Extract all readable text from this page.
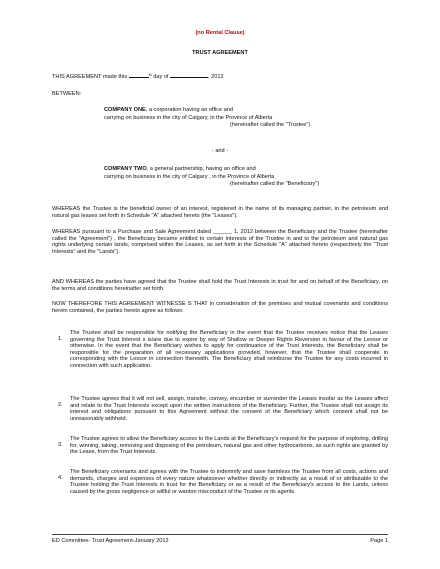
(no Rental Clause)

TRUST AGREEMENT

THIS AGREEMENT made this	$^{th}$ day of	, 2012

BETWEEN:

COMPANY ONE, a corporation having an office and

carrying on business in the city of Calgary, in the Province of Alberta

(hereinafter called the "Trustee")

- and -

COMPANY TWO, a general partnership, having an office and

carrying on business in the city of Calgary , in the Province of Alberta

(hereinafter called the "Beneficiary")

WHEREAS the Trustee is the beneficial owner of an interest, registered in the name of its managing partner, in the petroleum and natural gas leases set forth in Schedule "A" attached hereto (the "Leases").

WHEREAS pursuant to a Purchase and Sale Agreement dated ______ 1, 2012 between the Beneficiary and the Trustee (hereinafter called the "Agreement") , the Beneficiary became entitled to certain interests of the Trustee in and to the petroleum and natural gas rights underlying certain lands, comprised within the Leases, as set forth in the Schedule "A" attached hereto (respectively the "Trust Interests" and the "Lands").

AND WHEREAS the parties have agreed that the Trustee shall hold the Trust Interests in trust for and on behalf of the Beneficiary, on the terms and conditions hereinafter set forth.

NOW THEREFORE THIS AGREEMENT WITNESSE S THAT in consideration of the premises and mutual covenants and conditions herein contained, the parties hereto agree as follows:

1.

The Trustee shall be responsible for notifying the Beneficiary in the event that the Trustee receives notice that the Leases governing the Trust Interest s is/are due to expire by way of Shallow or Deeper Rights Reversion in favour of the Lessor or otherwise. In the event that the Beneficiary wishes to apply for continuance of the Trust Interests, the Beneficiary shall be responsible for the preparation of all necessary applications provided, however, that the Trustee shall cooperate in corresponding with the Lessor in connection therewith. The Beneficiary shall reimburse the Trustee for any costs incurred in connection with such application.

2.

The Trustee agrees that it will not sell, assign, transfer, convey, encumber or surrender the Leases insofar as the Leases affect and relate to the Trust Interests except upon the written instructions of the Beneficiary. Further, the Trustee shall not assign its interest and obligations pursuant to this Agreement without the consent of the Beneficiary which consent shall not be unreasonably withheld.

3.

The Trustee agrees to allow the Beneficiary access to the Lands at the Beneficiary's request for the purpose of exploring, drilling for, winning, taking, removing and disposing of the petroleum, natural gas and other hydrocarbons, as such rights are granted by the Lease, from the Trust Interests.

4.

The Beneficiary covenants and agrees with the Trustee to indemnify and save harmless the Trustee from all costs, actions and demands, charges and expenses of every nature whatsoever whether directly or indirectly as a result of or attributable to the Trustee holding the Trust Interests in trust for the Beneficiary or as a result of the Beneficiary's access to the Lands, unless caused by the gross negligence or willful or wanton misconduct of the Trustee or its agents.

ED Committee- Trust Agreement-January 2012	Page 1
